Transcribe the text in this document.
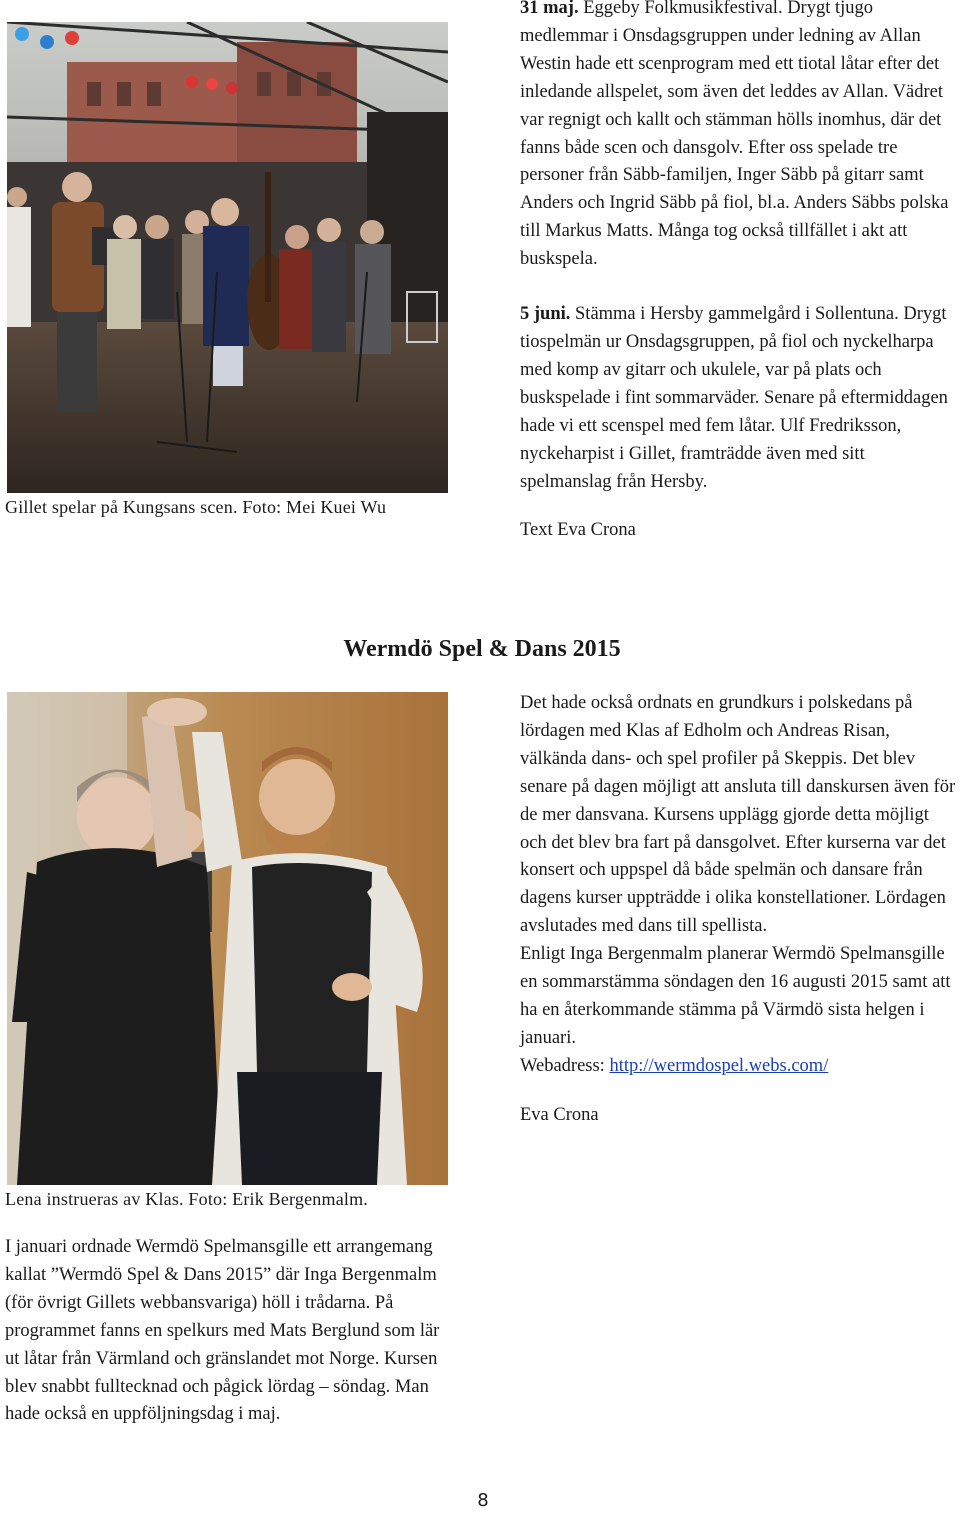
Gillet spelar på Kungsans scen. Foto: Mei Kuei Wu

31 maj. Eggeby Folkmusikfestival. Drygt tjugo medlemmar i Onsdagsgruppen under ledning av Allan Westin hade ett scenprogram med ett tiotal låtar efter det inledande allspelet, som även det leddes av Allan. Vädret var regnigt och kallt och stämman hölls inomhus, där det fanns både scen och dansgolv. Efter oss spelade tre personer från Säbb-familjen, Inger Säbb på gitarr samt Anders och Ingrid Säbb på fiol, bl.a. Anders Säbbs polska till Markus Matts. Många tog också tillfället i akt att buskspela.

5 juni. Stämma i Hersby gammelgård i Sollentuna. Drygt tiospelmän ur Onsdagsgruppen, på fiol och nyckelharpa med komp av gitarr och ukulele, var på plats och buskspelade i fint sommarväder. Senare på eftermiddagen hade vi ett scenspel med fem låtar. Ulf Fredriksson, nyckeharpist i Gillet, framträdde även med sitt spelmanslag från Hersby.

Text Eva Crona

Wermdö Spel & Dans 2015
Lena instrueras av Klas. Foto: Erik Bergenmalm.

Det hade också ordnats en grundkurs i polskedans på lördagen med Klas af Edholm och Andreas Risan, välkända dans- och spel profiler på Skeppis. Det blev senare på dagen möjligt att ansluta till danskursen även för de mer dansvana. Kursens upplägg gjorde detta möjligt och det blev bra fart på dansgolvet. Efter kurserna var det konsert och uppspel då både spelmän och dansare från dagens kurser uppträdde i olika konstellationer. Lördagen avslutades med dans till spellista.

Enligt Inga Bergenmalm planerar Wermdö Spelmansgille en sommarstämma söndagen den 16 augusti 2015 samt att ha en återkommande stämma på Värmdö sista helgen i januari.

Webadress: http://wermdospel.webs.com/

Eva Crona

I januari ordnade Wermdö Spelmansgille ett arrangemang kallat ”Wermdö Spel & Dans 2015” där Inga Bergenmalm (för övrigt Gillets webbansvariga) höll i trådarna. På programmet fanns en spelkurs med Mats Berglund som lär ut låtar från Värmland och gränslandet mot Norge. Kursen blev snabbt fulltecknad och pågick lördag – söndag. Man hade också en uppföljningsdag i maj.

8
